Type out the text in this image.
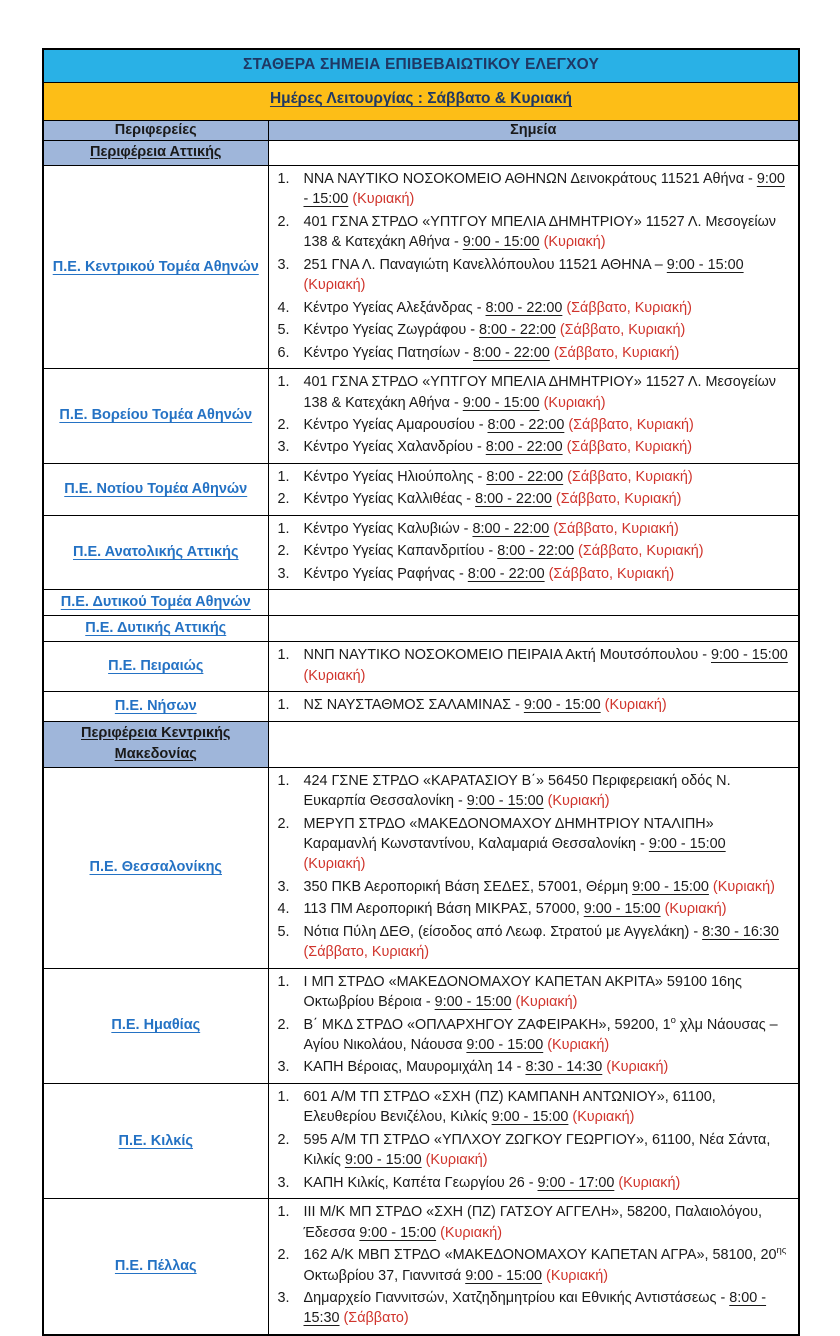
ΣΤΑΘΕΡΑ ΣΗΜΕΙΑ ΕΠΙΒΕΒΑΙΩΤΙΚΟΥ ΕΛΕΓΧΟΥ	
Ημέρες Λειτουργίας : Σάββατο & Κυριακή	
Περιφερείες	Σημεία
Περιφέρεια Αττικής	
Π.Ε. Κεντρικού Τομέα Αθηνών	
1. ΝΝΑ ΝΑΥΤΙΚΟ ΝΟΣΟΚΟΜΕΙΟ ΑΘΗΝΩΝ Δεινοκράτους 11521 Αθήνα - 9:00 - 15:00 (Κυριακή)
2. 401 ΓΣΝΑ ΣΤΡΔΟ «ΥΠΤΓΟΥ ΜΠΕΛΙΑ ΔΗΜΗΤΡΙΟΥ» 11527 Λ. Μεσογείων 138 & Κατεχάκη Αθήνα - 9:00 - 15:00 (Κυριακή)
3. 251 ΓΝΑ Λ. Παναγιώτη Κανελλόπουλου 11521 ΑΘΗΝΑ – 9:00 - 15:00 (Κυριακή)
4. Κέντρο Υγείας Αλεξάνδρας - 8:00 - 22:00 (Σάββατο, Κυριακή)
5. Κέντρο Υγείας Ζωγράφου - 8:00 - 22:00 (Σάββατο, Κυριακή)
6. Κέντρο Υγείας Πατησίων - 8:00 - 22:00 (Σάββατο, Κυριακή)

Π.Ε. Βορείου Τομέα Αθηνών	
1. 401 ΓΣΝΑ ΣΤΡΔΟ «ΥΠΤΓΟΥ ΜΠΕΛΙΑ ΔΗΜΗΤΡΙΟΥ» 11527 Λ. Μεσογείων 138 & Κατεχάκη Αθήνα - 9:00 - 15:00 (Κυριακή)
2. Κέντρο Υγείας Αμαρουσίου - 8:00 - 22:00 (Σάββατο, Κυριακή)
3. Κέντρο Υγείας Χαλανδρίου - 8:00 - 22:00 (Σάββατο, Κυριακή)

Π.Ε. Νοτίου Τομέα Αθηνών	1. Κέντρο Υγείας Ηλιούπολης - 8:00 - 22:00 (Σάββατο, Κυριακή)
2. Κέντρο Υγείας Καλλιθέας - 8:00 - 22:00 (Σάββατο, Κυριακή)

Π.Ε. Ανατολικής Αττικής	
1. Κέντρο Υγείας Καλυβιών - 8:00 - 22:00 (Σάββατο, Κυριακή)
2. Κέντρο Υγείας Καπανδριτίου - 8:00 - 22:00 (Σάββατο, Κυριακή)
3. Κέντρο Υγείας Ραφήνας - 8:00 - 22:00 (Σάββατο, Κυριακή)

Π.Ε. Δυτικού Τομέα Αθηνών	
Π.Ε. Δυτικής Αττικής	
Π.Ε. Πειραιώς	1. ΝΝΠ ΝΑΥΤΙΚΟ ΝΟΣΟΚΟΜΕΙΟ ΠΕΙΡΑΙΑ Ακτή Μουτσόπουλου - 9:00 - 15:00 (Κυριακή)

Π.Ε. Νήσων	1. ΝΣ ΝΑΥΣΤΑΘΜΟΣ ΣΑΛΑΜΙΝΑΣ - 9:00 - 15:00 (Κυριακή)

Περιφέρεια Κεντρικής Μακεδονίας	
Π.Ε. Θεσσαλονίκης	
1. 424 ΓΣΝΕ ΣΤΡΔΟ «ΚΑΡΑΤΑΣΙΟΥ Β΄» 56450 Περιφερειακή οδός Ν. Ευκαρπία Θεσσαλονίκη - 9:00 - 15:00 (Κυριακή)
2. ΜΕΡΥΠ ΣΤΡΔΟ «ΜΑΚΕΔΟΝΟΜΑΧΟΥ ΔΗΜΗΤΡΙΟΥ ΝΤΑΛΙΠΗ» Καραμανλή Κωνσταντίνου, Καλαμαριά Θεσσαλονίκη - 9:00 - 15:00 (Κυριακή)
3. 350 ΠΚΒ Αεροπορική Βάση ΣΕΔΕΣ, 57001, Θέρμη 9:00 - 15:00 (Κυριακή)
4. 113 ΠΜ Αεροπορική Βάση ΜΙΚΡΑΣ, 57000, 9:00 - 15:00 (Κυριακή)
5. Νότια Πύλη ΔΕΘ, (είσοδος από Λεωφ. Στρατού με Αγγελάκη) - 8:30 - 16:30 (Σάββατο, Κυριακή)

Π.Ε. Ημαθίας	
1. Ι ΜΠ ΣΤΡΔΟ «ΜΑΚΕΔΟΝΟΜΑΧΟΥ ΚΑΠΕΤΑΝ ΑΚΡΙΤΑ» 59100 16ης Οκτωβρίου Βέροια - 9:00 - 15:00 (Κυριακή)
2. Β΄ ΜΚΔ ΣΤΡΔΟ «ΟΠΛΑΡΧΗΓΟΥ ΖΑΦΕΙΡΑΚΗ», 59200, $1^o$ χλμ Νάουσας – Αγίου Νικολάου, Νάουσα 9:00 - 15:00 (Κυριακή)
3. ΚΑΠΗ Βέροιας, Μαυρομιχάλη 14 - 8:30 - 14:30 (Κυριακή)

Π.Ε. Κιλκίς	
1. 601 Α/Μ ΤΠ ΣΤΡΔΟ «ΣΧΗ (ΠΖ) ΚΑΜΠΑΝΗ ΑΝΤΩΝΙΟΥ», 61100, Ελευθερίου Βενιζέλου, Κιλκίς 9:00 - 15:00 (Κυριακή)
2. 595 Α/Μ ΤΠ ΣΤΡΔΟ «ΥΠΛΧΟΥ ΖΩΓΚΟΥ ΓΕΩΡΓΙΟΥ», 61100, Νέα Σάντα, Κιλκίς 9:00 - 15:00 (Κυριακή)
3. ΚΑΠΗ Κιλκίς, Καπέτα Γεωργίου 26 - 9:00 - 17:00 (Κυριακή)

Π.Ε. Πέλλας	
1. ΙΙΙ Μ/Κ ΜΠ ΣΤΡΔΟ «ΣΧΗ (ΠΖ) ΓΑΤΣΟΥ ΑΓΓΕΛΗ», 58200, Παλαιολόγου, Έδεσσα 9:00 - 15:00 (Κυριακή)
2. 162 Α/Κ ΜΒΠ ΣΤΡΔΟ «ΜΑΚΕΔΟΝΟΜΑΧΟΥ ΚΑΠΕΤΑΝ ΑΓΡΑ», 58100, $20^{\eta\varsigma}$ Οκτωβρίου 37, Γιαννιτσά 9:00 - 15:00 (Κυριακή)
3. Δημαρχείο Γιαννιτσών, Χατζηδημητρίου και Εθνικής Αντιστάσεως - 8:00 - 15:30 (Σάββατο)
